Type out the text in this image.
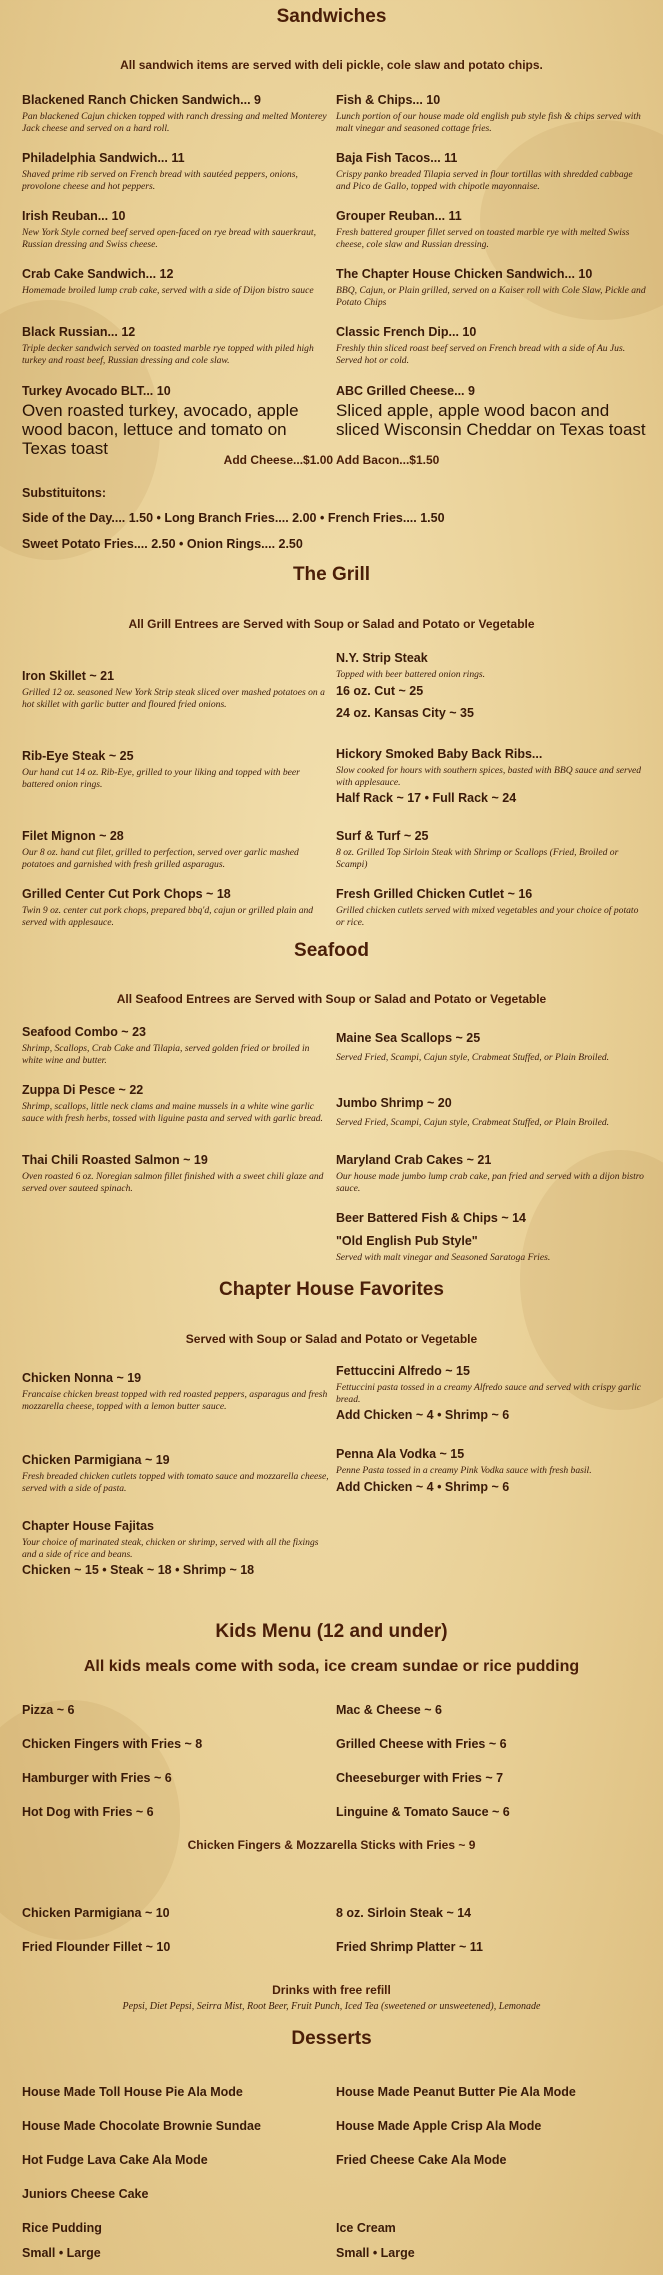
Sandwiches
All sandwich items are served with deli pickle, cole slaw and potato chips.
Blackened Ranch Chicken Sandwich... 9
Pan blackened Cajun chicken topped with ranch dressing and melted Monterey Jack cheese and served on a hard roll.
Fish & Chips... 10
Lunch portion of our house made old english pub style fish & chips served with malt vinegar and seasoned cottage fries.
Philadelphia Sandwich... 11
Shaved prime rib served on French bread with sautéed peppers, onions, provolone cheese and hot peppers.
Baja Fish Tacos... 11
Crispy panko breaded Tilapia served in flour tortillas with shredded cabbage and Pico de Gallo, topped with chipotle mayonnaise.
Irish Reuban... 10
New York Style corned beef served open-faced on rye bread with sauerkraut, Russian dressing and Swiss cheese.
Grouper Reuban... 11
Fresh battered grouper fillet served on toasted marble rye with melted Swiss cheese, cole slaw and Russian dressing.
Crab Cake Sandwich... 12
Homemade broiled lump crab cake, served with a side of Dijon bistro sauce
The Chapter House Chicken Sandwich... 10
BBQ, Cajun, or Plain grilled, served on a Kaiser roll with Cole Slaw, Pickle and Potato Chips
Black Russian... 12
Triple decker sandwich served on toasted marble rye topped with piled high turkey and roast beef, Russian dressing and cole slaw.
Classic French Dip... 10
Freshly thin sliced roast beef served on French bread with a side of Au Jus. Served hot or cold.
Turkey Avocado BLT... 10
Oven roasted turkey, avocado, apple wood bacon, lettuce and tomato on Texas toast
ABC Grilled Cheese... 9
Sliced apple, apple wood bacon and sliced Wisconsin Cheddar on Texas toast
Add Cheese...$1.00 Add Bacon...$1.50
Substituitons:
Side of the Day.... 1.50 • Long Branch Fries.... 2.00 • French Fries.... 1.50
Sweet Potato Fries.... 2.50 • Onion Rings.... 2.50
The Grill
All Grill Entrees are Served with Soup or Salad and Potato or Vegetable
Iron Skillet ~ 21
Grilled 12 oz. seasoned New York Strip steak sliced over mashed potatoes on a hot skillet with garlic butter and floured fried onions.
N.Y. Strip Steak
Topped with beer battered onion rings.
16 oz. Cut ~ 25
24 oz. Kansas City ~ 35
Rib-Eye Steak ~ 25
Our hand cut 14 oz. Rib-Eye, grilled to your liking and topped with beer battered onion rings.
Hickory Smoked Baby Back Ribs...
Slow cooked for hours with southern spices, basted with BBQ sauce and served with applesauce.
Half Rack ~ 17 • Full Rack ~ 24
Filet Mignon ~ 28
Our 8 oz. hand cut filet, grilled to perfection, served over garlic mashed potatoes and garnished with fresh grilled asparagus.
Surf & Turf ~ 25
8 oz. Grilled Top Sirloin Steak with Shrimp or Scallops (Fried, Broiled or Scampi)
Grilled Center Cut Pork Chops ~ 18
Twin 9 oz. center cut pork chops, prepared bbq'd, cajun or grilled plain and served with applesauce.
Fresh Grilled Chicken Cutlet ~ 16
Grilled chicken cutlets served with mixed vegetables and your choice of potato or rice.
Seafood
All Seafood Entrees are Served with Soup or Salad and Potato or Vegetable
Seafood Combo ~ 23
Shrimp, Scallops, Crab Cake and Tilapia, served golden fried or broiled in white wine and butter.
Maine Sea Scallops ~ 25
Served Fried, Scampi, Cajun style, Crabmeat Stuffed, or Plain Broiled.
Zuppa Di Pesce ~ 22
Shrimp, scallops, little neck clams and maine mussels in a white wine garlic sauce with fresh herbs, tossed with liguine pasta and served with garlic bread.
Jumbo Shrimp ~ 20
Served Fried, Scampi, Cajun style, Crabmeat Stuffed, or Plain Broiled.
Thai Chili Roasted Salmon ~ 19
Oven roasted 6 oz. Noregian salmon fillet finished with a sweet chili glaze and served over sauteed spinach.
Maryland Crab Cakes ~ 21
Our house made jumbo lump crab cake, pan fried and served with a dijon bistro sauce.
Beer Battered Fish & Chips ~ 14
"Old English Pub Style"
Served with malt vinegar and Seasoned Saratoga Fries.
Chapter House Favorites
Served with Soup or Salad and Potato or Vegetable
Chicken Nonna ~ 19
Francaise chicken breast topped with red roasted peppers, asparagus and fresh mozzarella cheese, topped with a lemon butter sauce.
Fettuccini Alfredo ~ 15
Fettuccini pasta tossed in a creamy Alfredo sauce and served with crispy garlic bread.
Add Chicken ~ 4 • Shrimp ~ 6
Chicken Parmigiana ~ 19
Fresh breaded chicken cutlets topped with tomato sauce and mozzarella cheese, served with a side of pasta.
Penna Ala Vodka ~ 15
Penne Pasta tossed in a creamy Pink Vodka sauce with fresh basil.
Add Chicken ~ 4 • Shrimp ~ 6
Chapter House Fajitas
Your choice of marinated steak, chicken or shrimp, served with all the fixings and a side of rice and beans.
Chicken ~ 15 • Steak ~ 18 • Shrimp ~ 18
Kids Menu (12 and under)
All kids meals come with soda, ice cream sundae or rice pudding
Pizza ~ 6	Mac & Cheese ~ 6
Chicken Fingers with Fries ~ 8	Grilled Cheese with Fries ~ 6
Hamburger with Fries ~ 6	Cheeseburger with Fries ~ 7
Hot Dog with Fries ~ 6	Linguine & Tomato Sauce ~ 6
Chicken Fingers & Mozzarella Sticks with Fries ~ 9
Chicken Parmigiana ~ 10	8 oz. Sirloin Steak ~ 14
Fried Flounder Fillet ~ 10	Fried Shrimp Platter ~ 11
Drinks with free refill
Pepsi, Diet Pepsi, Seirra Mist, Root Beer, Fruit Punch, Iced Tea (sweetened or unsweetened), Lemonade
Desserts
House Made Toll House Pie Ala Mode	House Made Peanut Butter Pie Ala Mode
House Made Chocolate Brownie Sundae	House Made Apple Crisp Ala Mode
Hot Fudge Lava Cake Ala Mode	Fried Cheese Cake Ala Mode
Juniors Cheese Cake
Rice Pudding	Ice Cream
Small • Large	Small • Large
